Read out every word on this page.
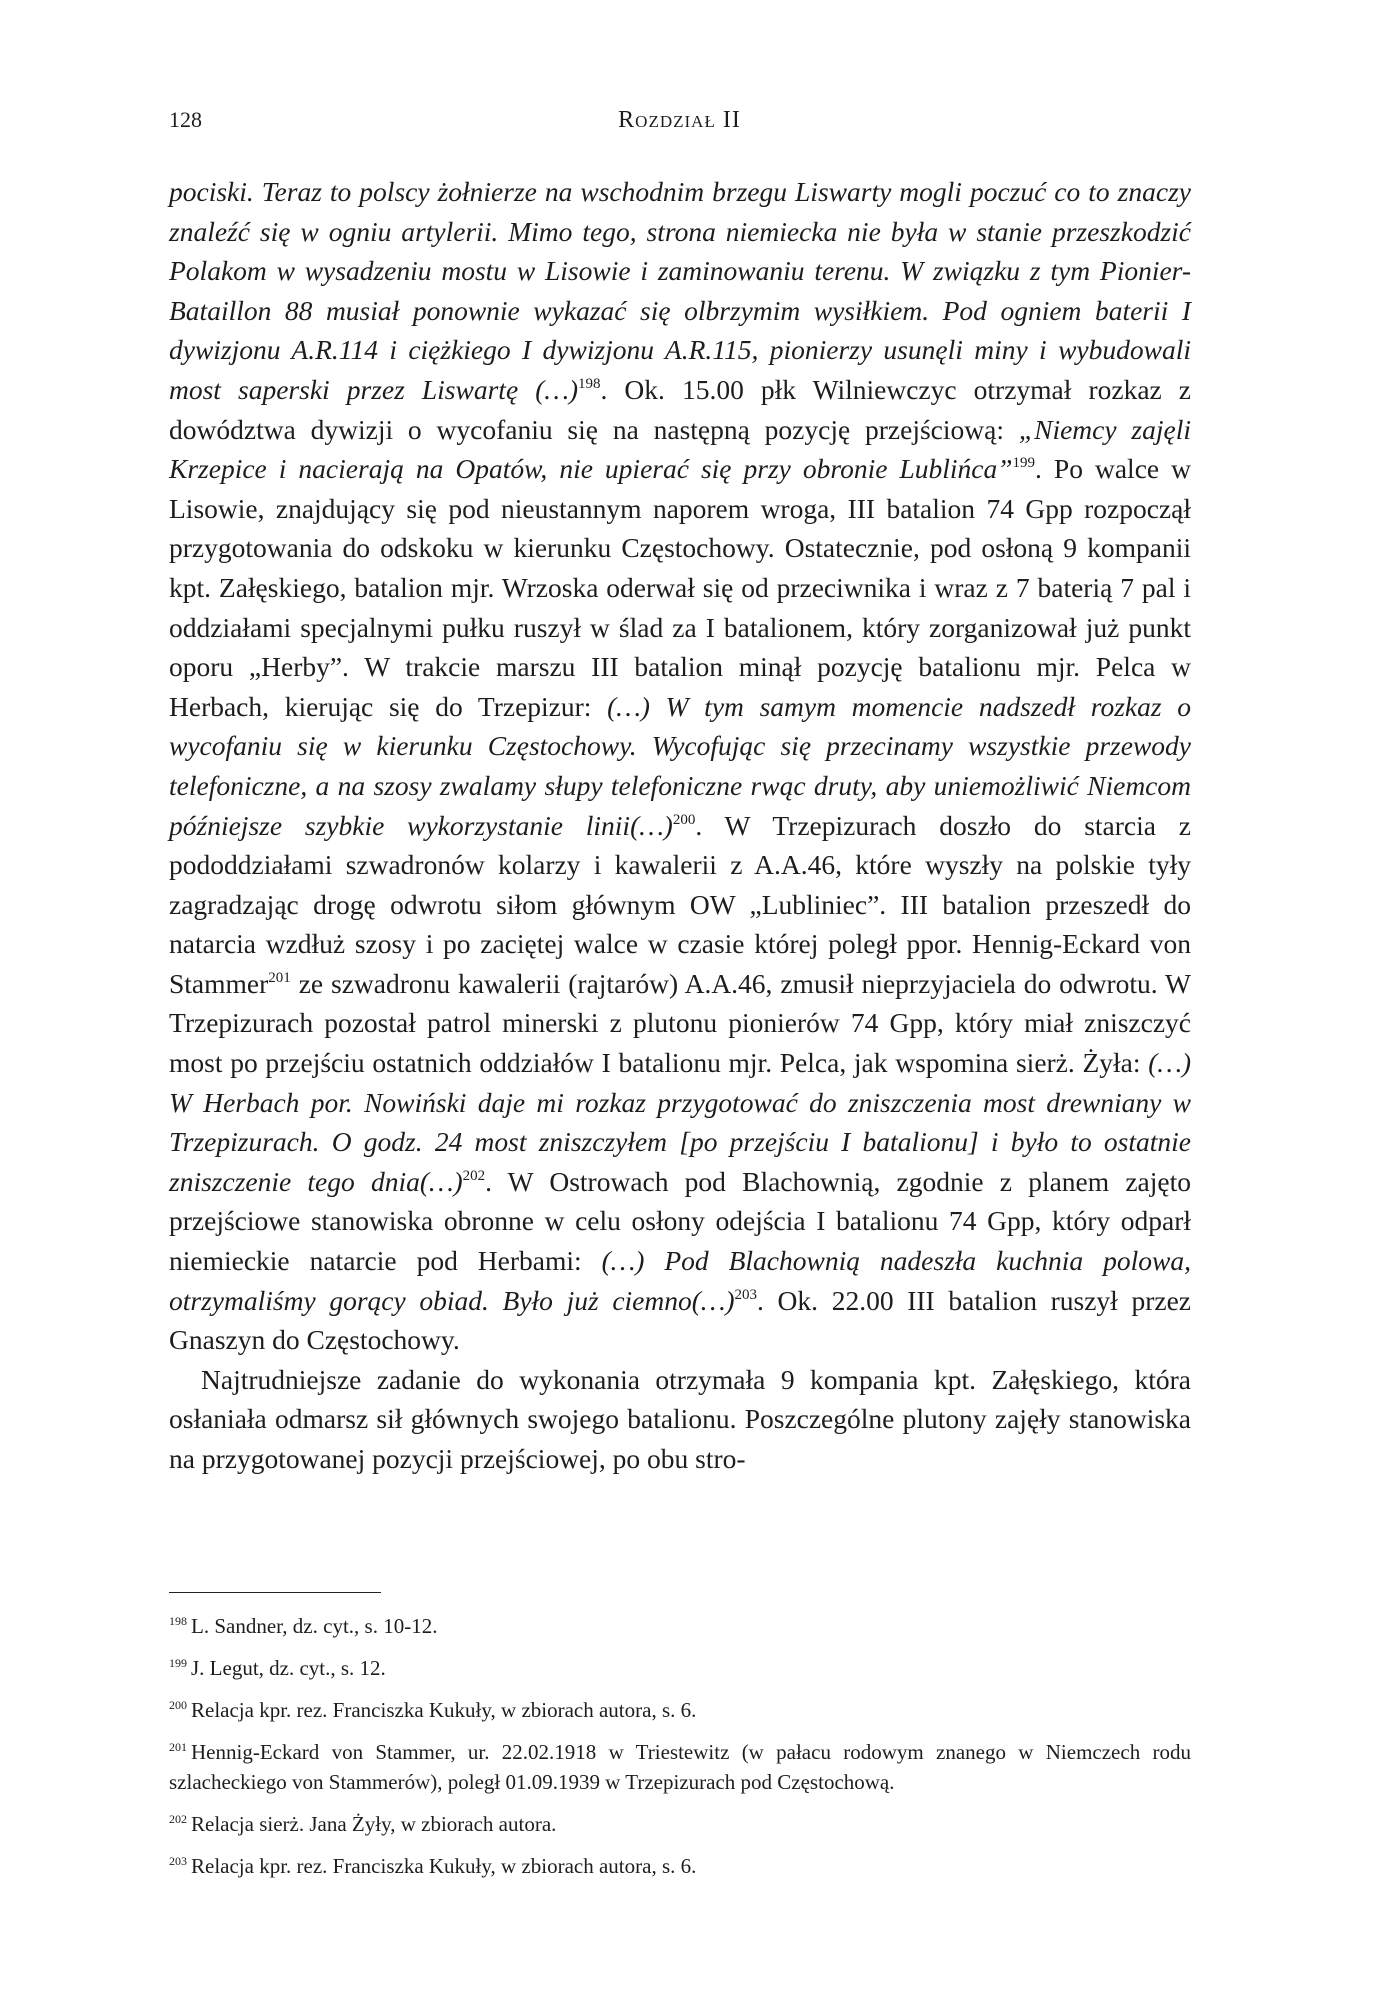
128	Rozdział II

pociski. Teraz to polscy żołnierze na wschodnim brzegu Liswarty mogli poczuć co to znaczy znaleźć się w ogniu artylerii. Mimo tego, strona niemiecka nie była w stanie przeszkodzić Polakom w wysadzeniu mostu w Lisowie i zaminowaniu terenu. W związku z tym Pionier-Bataillon 88 musiał ponownie wykazać się olbrzymim wysiłkiem. Pod ogniem baterii I dywizjonu A.R.114 i ciężkiego I dywizjonu A.R.115, pionierzy usunęli miny i wybudowali most saperski przez Liswartę (…)$^{198}$. Ok. 15.00 płk Wilniewczyc otrzymał rozkaz z dowództwa dywizji o wycofaniu się na następną pozycję przejściową: „Niemcy zajęli Krzepice i nacierają na Opatów, nie upierać się przy obronie Lublińca”$^{199}$. Po walce w Lisowie, znajdujący się pod nieustannym naporem wroga, III batalion 74 Gpp rozpoczął przygotowania do odskoku w kierunku Częstochowy. Ostatecznie, pod osłoną 9 kompanii kpt. Załęskiego, batalion mjr. Wrzoska oderwał się od przeciwnika i wraz z 7 baterią 7 pal i oddziałami specjalnymi pułku ruszył w ślad za I batalionem, który zorganizował już punkt oporu „Herby”. W trakcie marszu III batalion minął pozycję batalionu mjr. Pelca w Herbach, kierując się do Trzepizur: (…) W tym samym momencie nadszedł rozkaz o wycofaniu się w kierunku Częstochowy. Wycofując się przecinamy wszystkie przewody telefoniczne, a na szosy zwalamy słupy telefoniczne rwąc druty, aby uniemożliwić Niemcom późniejsze szybkie wykorzystanie linii(…)$^{200}$. W Trzepizurach doszło do starcia z pododdziałami szwadronów kolarzy i kawalerii z A.A.46, które wyszły na polskie tyły zagradzając drogę odwrotu siłom głównym OW „Lubliniec”. III batalion przeszedł do natarcia wzdłuż szosy i po zaciętej walce w czasie której poległ ppor. Hennig-Eckard von Stammer$^{201}$ ze szwadronu kawalerii (rajtarów) A.A.46, zmusił nieprzyjaciela do odwrotu. W Trzepizurach pozostał patrol minerski z plutonu pionierów 74 Gpp, który miał zniszczyć most po przejściu ostatnich oddziałów I batalionu mjr. Pelca, jak wspomina sierż. Żyła: (…) W Herbach por. Nowiński daje mi rozkaz przygotować do zniszczenia most drewniany w Trzepizurach. O godz. 24 most zniszczyłem [po przejściu I batalionu] i było to ostatnie zniszczenie tego dnia(…)$^{202}$. W Ostrowach pod Blachownią, zgodnie z planem zajęto przejściowe stanowiska obronne w celu osłony odejścia I batalionu 74 Gpp, który odparł niemieckie natarcie pod Herbami: (…) Pod Blachownią nadeszła kuchnia polowa, otrzymaliśmy gorący obiad. Było już ciemno(…)$^{203}$. Ok. 22.00 III batalion ruszył przez Gnaszyn do Częstochowy.

Najtrudniejsze zadanie do wykonania otrzymała 9 kompania kpt. Załęskiego, która osłaniała odmarsz sił głównych swojego batalionu. Poszczególne plutony zajęły stanowiska na przygotowanej pozycji przejściowej, po obu stro-

$^{198}$ L. Sandner, dz. cyt., s. 10-12.

$^{199}$ J. Legut, dz. cyt., s. 12.

$^{200}$ Relacja kpr. rez. Franciszka Kukuły, w zbiorach autora, s. 6.

$^{201}$ Hennig-Eckard von Stammer, ur. 22.02.1918 w Triestewitz (w pałacu rodowym znanego w Niemczech rodu szlacheckiego von Stammerów), poległ 01.09.1939 w Trzepizurach pod Częstochową.

$^{202}$ Relacja sierż. Jana Żyły, w zbiorach autora.

$^{203}$ Relacja kpr. rez. Franciszka Kukuły, w zbiorach autora, s. 6.
